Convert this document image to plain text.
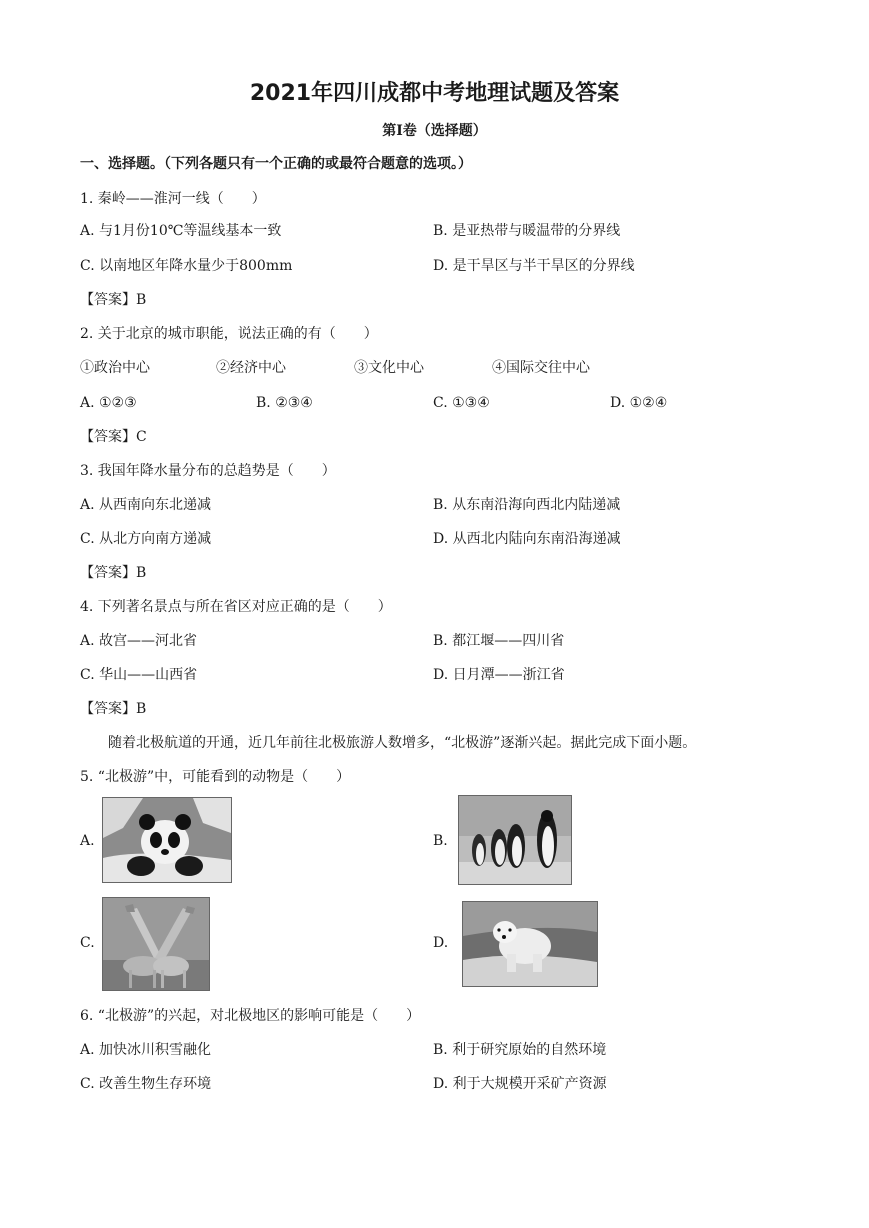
2021年四川成都中考地理试题及答案
第Ⅰ卷（选择题）
一、选择题。（下列各题只有一个正确的或最符合题意的选项。）
1. 秦岭——淮河一线（　　）
A. 与1月份10℃等温线基本一致	B. 是亚热带与暖温带的分界线
C. 以南地区年降水量少于800mm	D. 是干旱区与半干旱区的分界线
【答案】B
2. 关于北京的城市职能，说法正确的有（　　）
①政治中心	②经济中心	③文化中心	④国际交往中心
A. ①②③	B. ②③④	C. ①③④	D. ①②④
【答案】C
3. 我国年降水量分布的总趋势是（　　）
A. 从西南向东北递减	B. 从东南沿海向西北内陆递减
C. 从北方向南方递减	D. 从西北内陆向东南沿海递减
【答案】B
4. 下列著名景点与所在省区对应正确的是（　　）
A. 故宫——河北省	B. 都江堰——四川省
C. 华山——山西省	D. 日月潭——浙江省
【答案】B
随着北极航道的开通，近几年前往北极旅游人数增多，“北极游”逐渐兴起。据此完成下面小题。
5. “北极游”中，可能看到的动物是（　　）
A.	B.
C.	D.
6. “北极游”的兴起，对北极地区的影响可能是（　　）
A. 加快冰川积雪融化	B. 利于研究原始的自然环境
C. 改善生物生存环境	D. 利于大规模开采矿产资源
